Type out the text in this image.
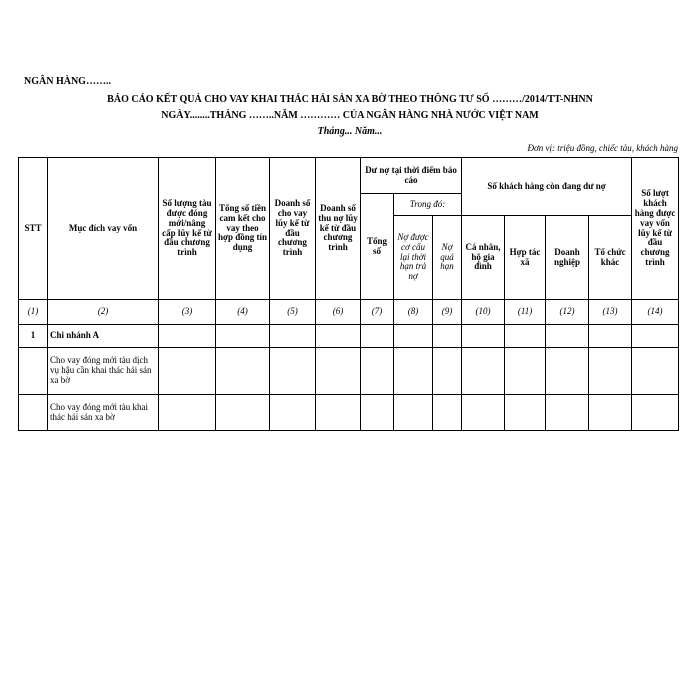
NGÂN HÀNG……..
BÁO CÁO KẾT QUẢ CHO VAY KHAI THÁC HẢI SẢN XA BỜ THEO THÔNG TƯ SỐ ………/2014/TT-NHNN
NGÀY........THÁNG ……..NĂM ………… CỦA NGÂN HÀNG NHÀ NƯỚC VIỆT NAM
Tháng... Năm...
Đơn vị: triệu đồng, chiếc tàu, khách hàng
STT	Mục đích vay vốn	Số lượng tàu được đóng mới/nâng cấp lũy kế từ đầu chương trình	Tổng số tiền cam kết cho vay theo hợp đồng tín dụng	Doanh số cho vay lũy kế từ đầu chương trình	Doanh số thu nợ lũy kế từ đầu chương trình	Dư nợ tại thời điểm báo cáo			Số khách hàng còn đang dư nợ				Số lượt khách hàng được vay vốn lũy kế từ đầu chương trình
						Tổng số	Trong đó:						
							Nợ được cơ cấu lại thời hạn trả nợ	Nợ quá hạn	Cá nhân, hộ gia đình	Hợp tác xã	Doanh nghiệp	Tổ chức khác	
(1)	(2)	(3)	(4)	(5)	(6)	(7)	(8)	(9)	(10)	(11)	(12)	(13)	(14)
1	Chi nhánh A												
	Cho vay đóng mới tàu dịch vụ hậu cần khai thác hải sản xa bờ												
	Cho vay đóng mới tàu khai thác hải sản xa bờ												
